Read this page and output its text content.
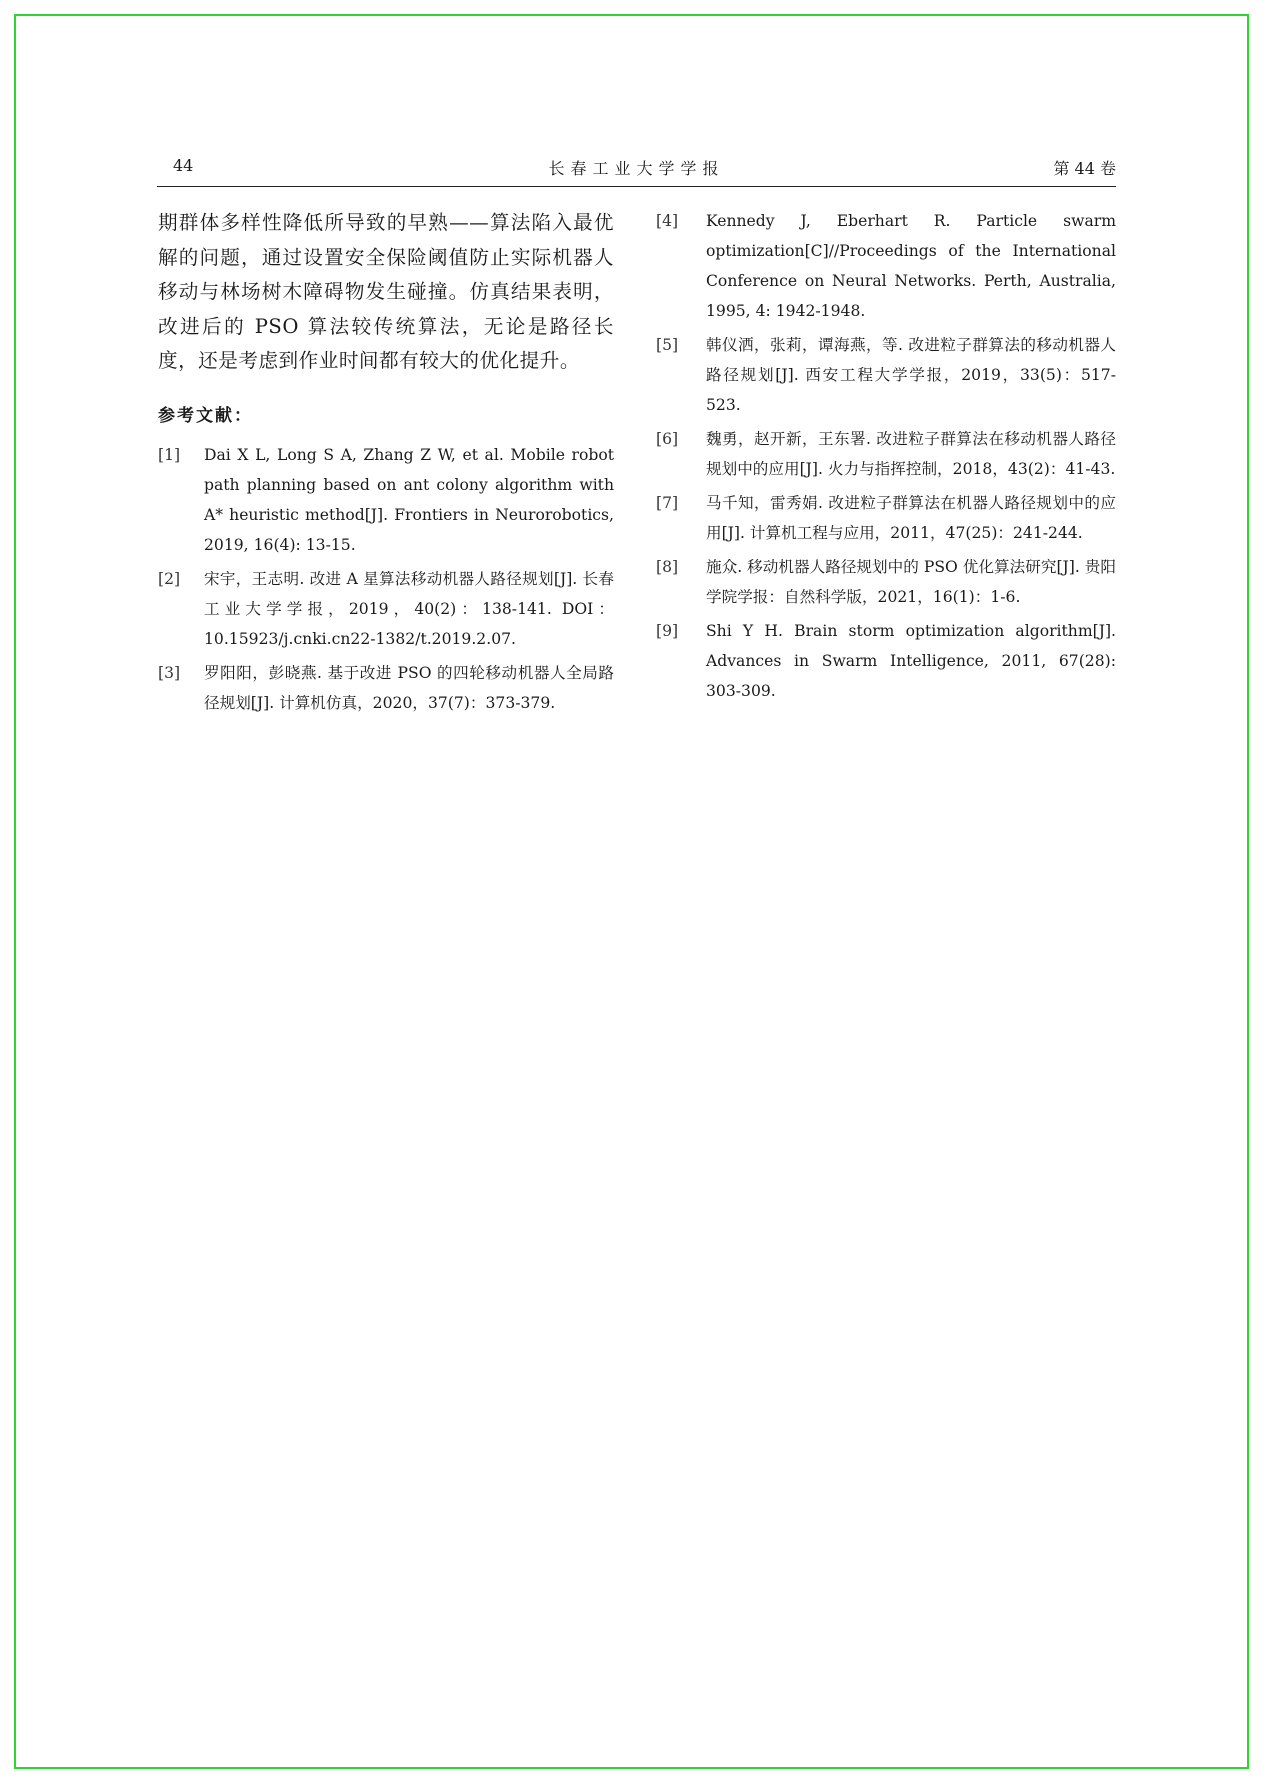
长春工业大学学报
44	第 44 卷

期群体多样性降低所导致的早熟——算法陷入最优解的问题，通过设置安全保险阈值防止实际机器人移动与林场树木障碍物发生碰撞。仿真结果表明，改进后的 PSO 算法较传统算法，无论是路径长度，还是考虑到作业时间都有较大的优化提升。

参考文献：
[1] Dai X L, Long S A, Zhang Z W, et al. Mobile robot path planning based on ant colony algorithm with A* heuristic method[J]. Frontiers in Neurorobotics, 2019, 16(4): 13-15.
[2] 宋宇，王志明. 改进 A 星算法移动机器人路径规划[J]. 长春工业大学学报，2019，40(2)：138-141. DOI：10.15923/j.cnki.cn22-1382/t.2019.2.07.
[3] 罗阳阳，彭晓燕. 基于改进 PSO 的四轮移动机器人全局路径规划[J]. 计算机仿真，2020，37(7)：373-379.
[4] Kennedy J, Eberhart R. Particle swarm optimization[C]//Proceedings of the International Conference on Neural Networks. Perth, Australia, 1995, 4: 1942-1948.
[5] 韩仪洒，张莉，谭海燕，等. 改进粒子群算法的移动机器人路径规划[J]. 西安工程大学学报，2019，33(5)：517-523.
[6] 魏勇，赵开新，王东署. 改进粒子群算法在移动机器人路径规划中的应用[J]. 火力与指挥控制，2018，43(2)：41-43.
[7] 马千知，雷秀娟. 改进粒子群算法在机器人路径规划中的应用[J]. 计算机工程与应用，2011，47(25)：241-244.
[8] 施众. 移动机器人路径规划中的 PSO 优化算法研究[J]. 贵阳学院学报：自然科学版，2021，16(1)：1-6.
[9] Shi Y H. Brain storm optimization algorithm[J]. Advances in Swarm Intelligence, 2011, 67(28): 303-309.
